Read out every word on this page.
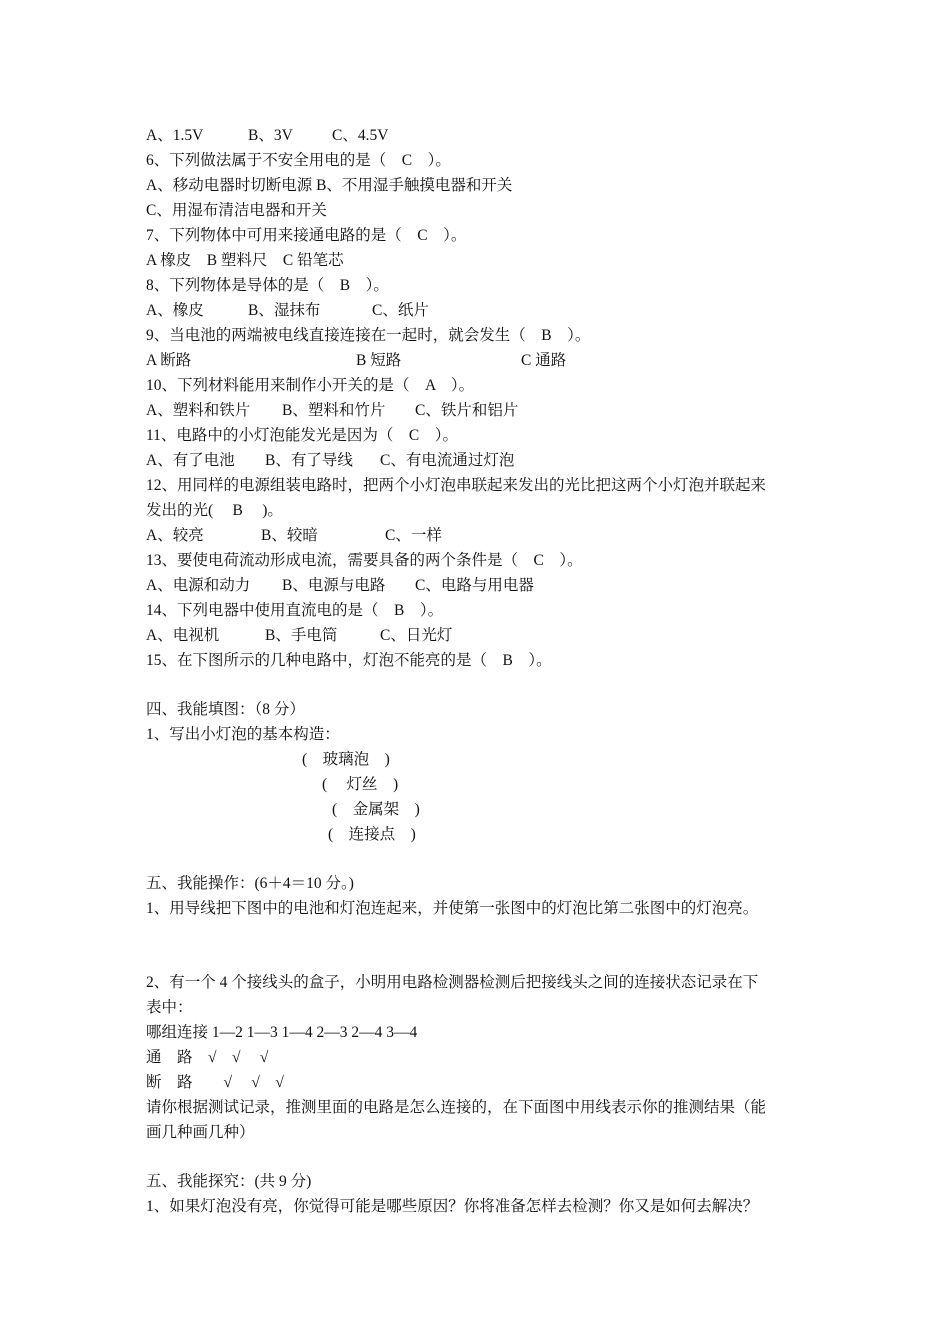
A、1.5V

	B、3V

	C、4.5V

6、下列做法属于不安全用电的是（　C　）。
A、移动电器时切断电源 B、不用湿手触摸电器和开关
C、用湿布清洁电器和开关
7、下列物体中可用来接通电路的是（　C　）。
A 橡皮　B 塑料尺　C 铅笔芯
8、下列物体是导体的是（　B　）。

A、橡皮

	B、湿抹布

	C、纸片

9、当电池的两端被电线直接连接在一起时，就会发生（　B　）。

A 断路

	B 短路

	C 通路

10、下列材料能用来制作小开关的是（　A　）。

A、塑料和铁片

B、塑料和竹片

C、铁片和铝片

11、电路中的小灯泡能发光是因为（　C　）。

A、有了电池

B、有了导线

C、有电流通过灯泡

12、用同样的电源组装电路时，把两个小灯泡串联起来发出的光比把这两个小灯泡并联起来
发出的光(　 B　 )。

A、较亮

	B、较暗

	C、一样

13、要使电荷流动形成电流，需要具备的两个条件是（　C　）。

A、电源和动力

B、电源与电路

C、电路与用电器

14、下列电器中使用直流电的是（　B　）。

A、电视机

	B、手电筒

	C、日光灯

15、在下图所示的几种电路中，灯泡不能亮的是（　B　）。
四、我能填图：（8 分）
1、写出小灯泡的基本构造：
(　玻璃泡　)
(　 灯丝　)
(　金属架　)
(　连接点　)
五、我能操作：(6＋4＝10 分。)
1、用导线把下图中的电池和灯泡连起来，并使第一张图中的灯泡比第二张图中的灯泡亮。
2、有一个 4 个接线头的盒子，小明用电路检测器检测后把接线头之间的连接状态记录在下
表中：
哪组连接 1—2 1—3 1—4 2—3 2—4 3—4
通　路　√　√　 √
断　路　　√　 √　√
请你根据测试记录，推测里面的电路是怎么连接的，在下面图中用线表示你的推测结果（能
画几种画几种）
五、我能探究：(共 9 分)
1、如果灯泡没有亮，你觉得可能是哪些原因？你将准备怎样去检测？你又是如何去解决？
